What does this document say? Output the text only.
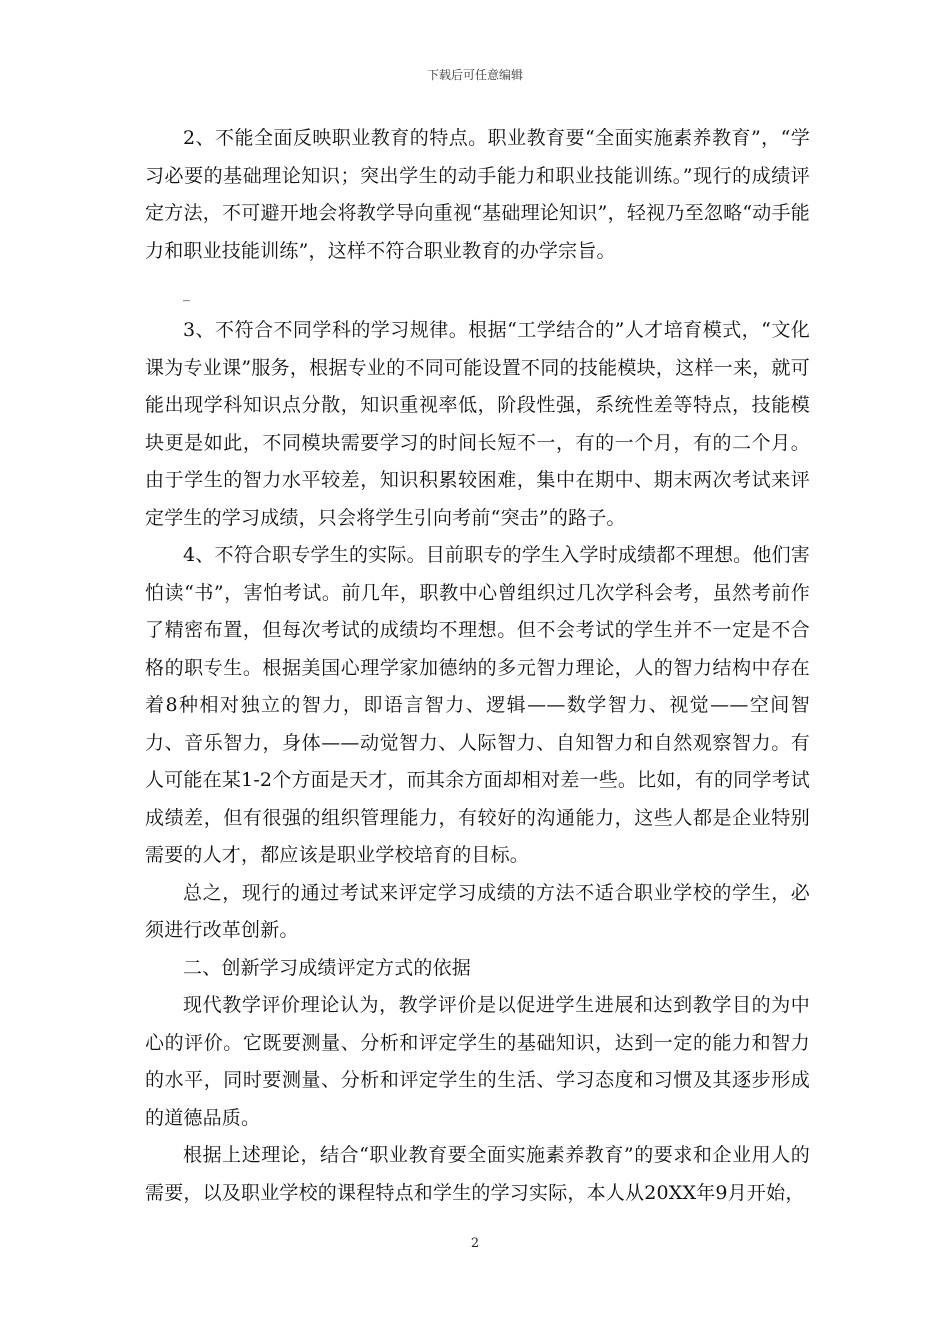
下载后可任意编辑

2、不能全面反映职业教育的特点。职业教育要“全面实施素养教育”，“学习必要的基础理论知识；突出学生的动手能力和职业技能训练。”现行的成绩评定方法，不可避开地会将教学导向重视“基础理论知识”，轻视乃至忽略“动手能力和职业技能训练”，这样不符合职业教育的办学宗旨。

_

3、不符合不同学科的学习规律。根据“工学结合的”人才培育模式，“文化课为专业课”服务，根据专业的不同可能设置不同的技能模块，这样一来，就可能出现学科知识点分散，知识重视率低，阶段性强，系统性差等特点，技能模块更是如此，不同模块需要学习的时间长短不一，有的一个月，有的二个月。由于学生的智力水平较差，知识积累较困难，集中在期中、期末两次考试来评定学生的学习成绩，只会将学生引向考前“突击”的路子。

4、不符合职专学生的实际。目前职专的学生入学时成绩都不理想。他们害怕读“书”，害怕考试。前几年，职教中心曾组织过几次学科会考，虽然考前作了精密布置，但每次考试的成绩均不理想。但不会考试的学生并不一定是不合格的职专生。根据美国心理学家加德纳的多元智力理论，人的智力结构中存在着8种相对独立的智力，即语言智力、逻辑——数学智力、视觉——空间智力、音乐智力，身体——动觉智力、人际智力、自知智力和自然观察智力。有人可能在某1-2个方面是天才，而其余方面却相对差一些。比如，有的同学考试成绩差，但有很强的组织管理能力，有较好的沟通能力，这些人都是企业特别需要的人才，都应该是职业学校培育的目标。

总之，现行的通过考试来评定学习成绩的方法不适合职业学校的学生，必须进行改革创新。

二、创新学习成绩评定方式的依据

现代教学评价理论认为，教学评价是以促进学生进展和达到教学目的为中心的评价。它既要测量、分析和评定学生的基础知识，达到一定的能力和智力的水平，同时要测量、分析和评定学生的生活、学习态度和习惯及其逐步形成的道德品质。

根据上述理论，结合“职业教育要全面实施素养教育”的要求和企业用人的需要，以及职业学校的课程特点和学生的学习实际，本人从20XX年9月开始，

2
